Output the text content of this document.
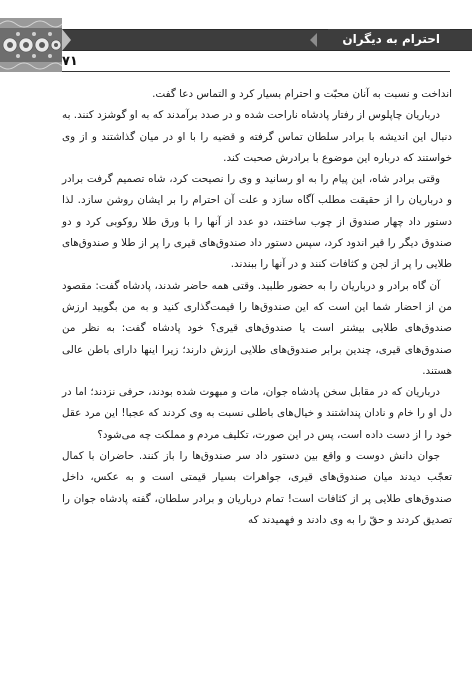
احترام به دیگران
۷۱

انداخت و نسبت به آنان محبّت و احترام بسیار کرد و التماس دعا گفت.

درباریان چاپلوس از رفتار پادشاه ناراحت شده و در صدد برآمدند که به او گوشزد کنند. به دنبال این اندیشه با برادر سلطان تماس گرفته و قضیه را با او در میان گذاشتند و از وی خواستند که درباره این موضوع با برادرش صحبت کند.

وقتی برادر شاه، این پیام را به او رسانید و وی را نصیحت کرد، شاه تصمیم گرفت برادر و درباریان را از حقیقت مطلب آگاه سازد و علت آن احترام را بر ایشان روشن سازد. لذا دستور داد چهار صندوق از چوب ساختند، دو عدد از آنها را با ورق طلا روکوبی کرد و دو صندوق دیگر را قیر اندود کرد، سپس دستور داد صندوق‌های قیری را پر از طلا و صندوق‌های طلایی را پر از لجن و کثافات کنند و در آنها را ببندند.

آن گاه برادر و درباریان را به حضور طلبید. وقتی همه حاضر شدند، پادشاه گفت: مقصود من از احضار شما این است که این صندوق‌ها را قیمت‌گذاری کنید و به من بگویید ارزش صندوق‌های طلایی بیشتر است یا صندوق‌های قیری؟ خود پادشاه گفت: به نظر من صندوق‌های قیری، چندین برابر صندوق‌های طلایی ارزش دارند؛ زیرا اینها دارای باطن عالی هستند.

درباریان که در مقابل سخن پادشاه جوان، مات و مبهوت شده بودند، حرفی نزدند؛ اما در دل او را خام و نادان پنداشتند و خیال‌های باطلی نسبت به وی کردند که عجبا! این مرد عقل خود را از دست داده است، پس در این صورت، تکلیف مردم و مملکت چه می‌شود؟

جوان دانش دوست و واقع بین دستور داد سر صندوق‌ها را باز کنند. حاضران با کمال تعجّب دیدند میان صندوق‌های قیری، جواهرات بسیار قیمتی است و به عکس، داخل صندوق‌های طلایی پر از کثافات است! تمام درباریان و برادر سلطان، گفته پادشاه جوان را تصدیق کردند و حقّ را به وی دادند و فهمیدند که
